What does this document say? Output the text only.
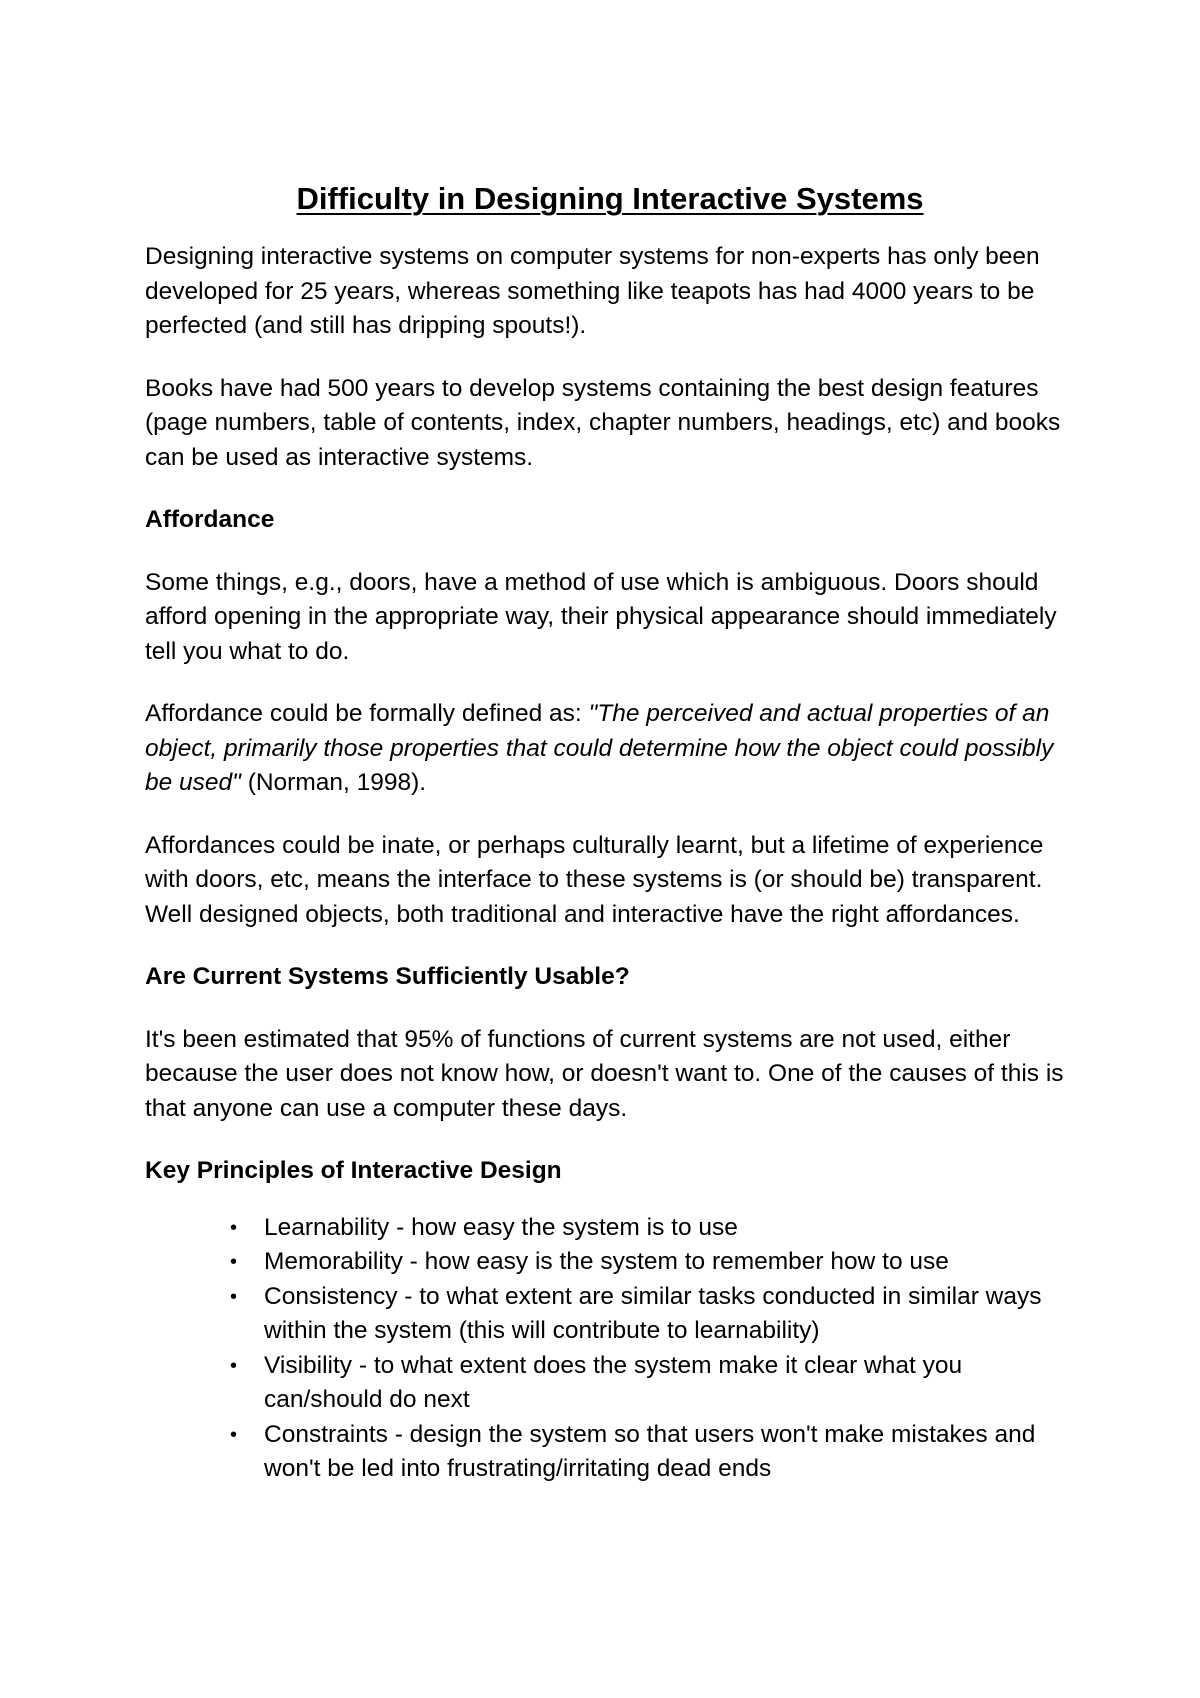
Difficulty in Designing Interactive Systems

Designing interactive systems on computer systems for non-experts has only been developed for 25 years, whereas something like teapots has had 4000 years to be perfected (and still has dripping spouts!).

Books have had 500 years to develop systems containing the best design features (page numbers, table of contents, index, chapter numbers, headings, etc) and books can be used as interactive systems.

Affordance

Some things, e.g., doors, have a method of use which is ambiguous. Doors should afford opening in the appropriate way, their physical appearance should immediately tell you what to do.

Affordance could be formally defined as: "The perceived and actual properties of an object, primarily those properties that could determine how the object could possibly be used" (Norman, 1998).

Affordances could be inate, or perhaps culturally learnt, but a lifetime of experience with doors, etc, means the interface to these systems is (or should be) transparent. Well designed objects, both traditional and interactive have the right affordances.

Are Current Systems Sufficiently Usable?

It's been estimated that 95% of functions of current systems are not used, either because the user does not know how, or doesn't want to. One of the causes of this is that anyone can use a computer these days.

Key Principles of Interactive Design
• Learnability - how easy the system is to use
• Memorability - how easy is the system to remember how to use
• Consistency - to what extent are similar tasks conducted in similar ways within the system (this will contribute to learnability)
• Visibility - to what extent does the system make it clear what you can/should do next
• Constraints - design the system so that users won't make mistakes and won't be led into frustrating/irritating dead ends
